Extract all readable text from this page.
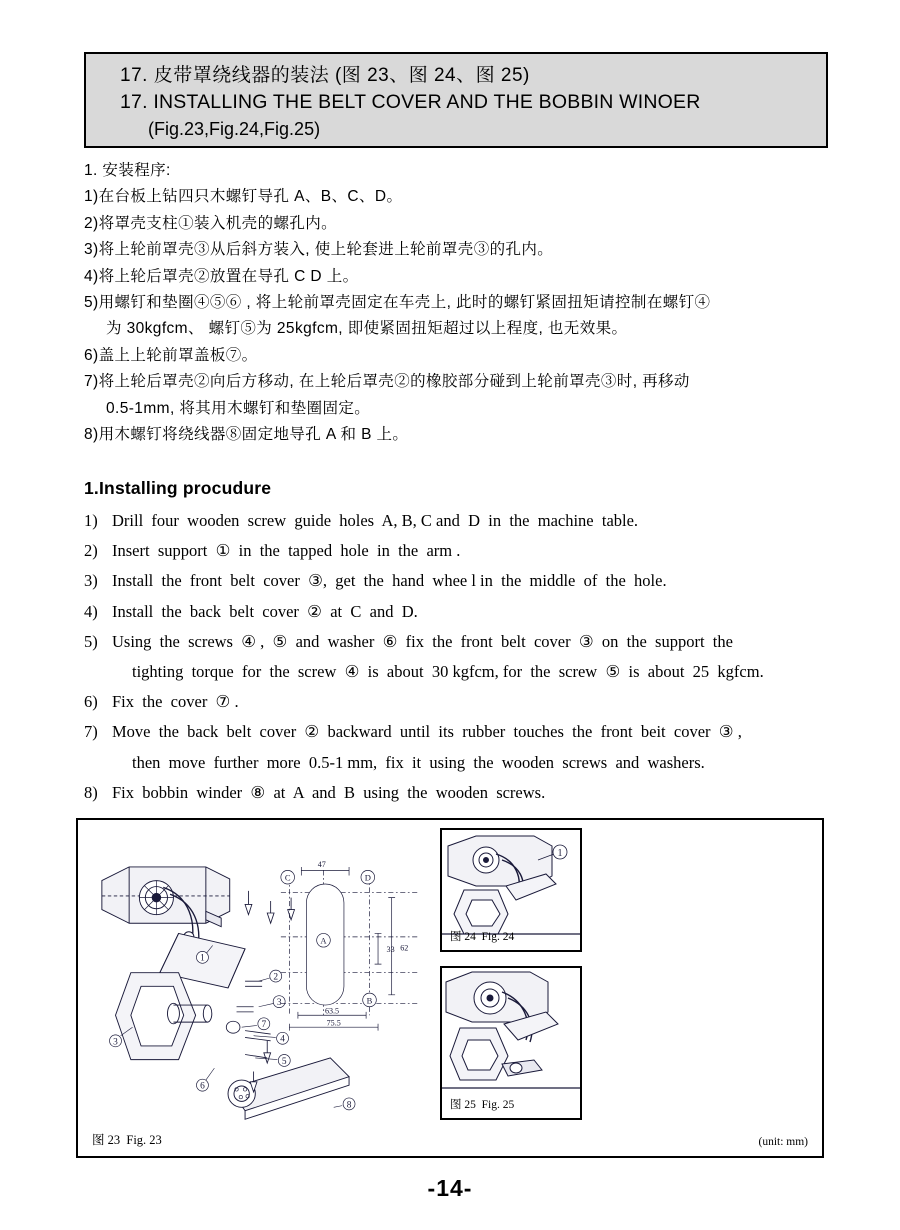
17. 皮带罩绕线器的装法 (图 23、图 24、图 25)
17. INSTALLING THE BELT COVER AND THE BOBBIN WINOER
(Fig.23,Fig.24,Fig.25)
1. 安装程序:
1)在台板上钻四只木螺钉导孔 A、B、C、D。
2)将罩壳支柱①装入机壳的螺孔内。
3)将上轮前罩壳③从后斜方装入, 使上轮套进上轮前罩壳③的孔内。
4)将上轮后罩壳②放置在导孔 C D 上。
5)用螺钉和垫圈④⑤⑥ , 将上轮前罩壳固定在车壳上, 此时的螺钉紧固扭矩请控制在螺钉④
为 30kgfcm、 螺钉⑤为 25kgfcm, 即使紧固扭矩超过以上程度, 也无效果。
6)盖上上轮前罩盖板⑦。
7)将上轮后罩壳②向后方移动, 在上轮后罩壳②的橡胶部分碰到上轮前罩壳③时, 再移动
0.5-1mm, 将其用木螺钉和垫圈固定。
8)用木螺钉将绕线器⑧固定地导孔 A 和 B 上。
1.Installing procudure
1) Drill  four  wooden  screw  guide  holes  A, B, C and  D  in  the  machine  table.
2) Insert  support  ①  in  the  tapped  hole  in  the  arm .
3) Install  the  front  belt  cover  ③,  get  the  hand  whee l in  the  middle  of  the  hole.
4) Install  the  back  belt  cover  ②  at  C  and  D.
5) Using  the  screws  ④ ,  ⑤  and  washer  ⑥  fix  the  front  belt  cover  ③  on  the  support  the
tighting  torque  for  the  screw  ④  is  about  30 kgfcm, for  the  screw  ⑤  is  about  25  kgfcm.
6) Fix  the  cover  ⑦ .
7) Move  the  back  belt  cover  ②  backward  until  its  rubber  touches  the  front  beit  cover  ③ ,
then  move  further  more  0.5-1 mm,  fix  it  using  the  wooden  screws  and  washers.
8) Fix  bobbin  winder  ⑧  at  A  and  B  using  the  wooden  screws.
1
2
3
7
4
5
3
6
8
47
33 62
63.5
75.5
C	D
A
B
图 23  Fig. 23	(unit: mm)
1
图 24  Fig. 24
图 25  Fig. 25
-14-
